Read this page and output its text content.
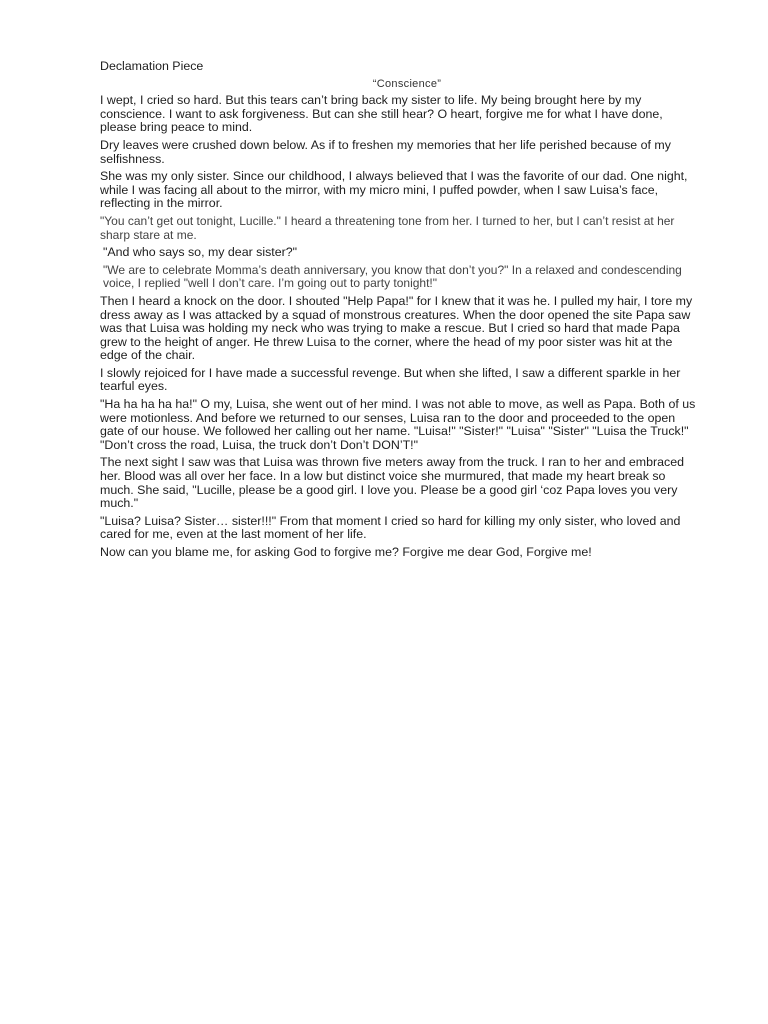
Declamation Piece
“Conscience”

I wept, I cried so hard. But this tears can’t bring back my sister to life. My being brought here by my conscience. I want to ask forgiveness. But can she still hear? O heart, forgive me for what I have done, please bring peace to mind.

Dry leaves were crushed down below. As if to freshen my memories that her life perished because of my selfishness.

She was my only sister. Since our childhood, I always believed that I was the favorite of our dad. One night, while I was facing all about to the mirror, with my micro mini, I puffed powder, when I saw Luisa’s face, reflecting in the mirror.

"You can’t get out tonight, Lucille." I heard a threatening tone from her. I turned to her, but I can’t resist at her sharp stare at me.

"And who says so, my dear sister?"

"We are to celebrate Momma’s death anniversary, you know that don’t you?" In a relaxed and condescending voice, I replied "well I don’t care. I’m going out to party tonight!"

Then I heard a knock on the door. I shouted "Help Papa!" for I knew that it was he. I pulled my hair, I tore my dress away as I was attacked by a squad of monstrous creatures. When the door opened the site Papa saw was that Luisa was holding my neck who was trying to make a rescue. But I cried so hard that made Papa grew to the height of anger. He threw Luisa to the corner, where the head of my poor sister was hit at the edge of the chair.

I slowly rejoiced for I have made a successful revenge. But when she lifted, I saw a different sparkle in her tearful eyes.

"Ha ha ha ha ha!" O my, Luisa, she went out of her mind. I was not able to move, as well as Papa. Both of us were motionless. And before we returned to our senses, Luisa ran to the door and proceeded to the open gate of our house. We followed her calling out her name. "Luisa!" "Sister!" "Luisa" "Sister" "Luisa the Truck!" "Don’t cross the road, Luisa, the truck don’t Don’t DON’T!"

The next sight I saw was that Luisa was thrown five meters away from the truck. I ran to her and embraced her. Blood was all over her face. In a low but distinct voice she murmured, that made my heart break so much. She said, "Lucille, please be a good girl. I love you. Please be a good girl ‘coz Papa loves you very much."

"Luisa? Luisa? Sister… sister!!!" From that moment I cried so hard for killing my only sister, who loved and cared for me, even at the last moment of her life.

Now can you blame me, for asking God to forgive me? Forgive me dear God, Forgive me!
